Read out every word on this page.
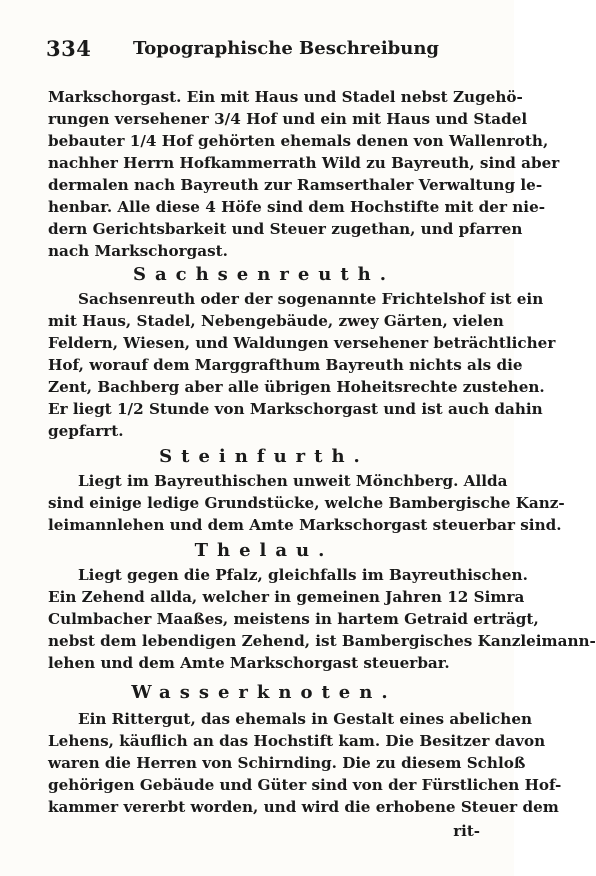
334	Topographische Beschreibung
Markschorgast. Ein mit Haus und Stadel nebst Zugehö-
rungen versehener 3/4 Hof und ein mit Haus und Stadel
bebauter 1/4 Hof gehörten ehemals denen von Wallenroth,
nachher Herrn Hofkammerrath Wild zu Bayreuth, sind aber
dermalen nach Bayreuth zur Ramserthaler Verwaltung le-
henbar. Alle diese 4 Höfe sind dem Hochstifte mit der nie-
dern Gerichtsbarkeit und Steuer zugethan, und pfarren
nach Markschorgast.
Sachsenreuth.
Sachsenreuth oder der sogenannte Frichtelshof ist ein
mit Haus, Stadel, Nebengebäude, zwey Gärten, vielen
Feldern, Wiesen, und Waldungen versehener beträchtlicher
Hof, worauf dem Marggrafthum Bayreuth nichts als die
Zent, Bachberg aber alle übrigen Hoheitsrechte zustehen.
Er liegt 1/2 Stunde von Markschorgast und ist auch dahin
gepfarrt.
Steinfurth.
Liegt im Bayreuthischen unweit Mönchberg. Allda
sind einige ledige Grundstücke, welche Bambergische Kanz-
leimannlehen und dem Amte Markschorgast steuerbar sind.
Thelau.
Liegt gegen die Pfalz, gleichfalls im Bayreuthischen.
Ein Zehend allda, welcher in gemeinen Jahren 12 Simra
Culmbacher Maaßes, meistens in hartem Getraid erträgt,
nebst dem lebendigen Zehend, ist Bambergisches Kanzleimann-
lehen und dem Amte Markschorgast steuerbar.
Wasserknoten.
Ein Rittergut, das ehemals in Gestalt eines abelichen
Lehens, käuflich an das Hochstift kam. Die Besitzer davon
waren die Herren von Schirnding. Die zu diesem Schloß
gehörigen Gebäude und Güter sind von der Fürstlichen Hof-
kammer vererbt worden, und wird die erhobene Steuer dem
rit-
